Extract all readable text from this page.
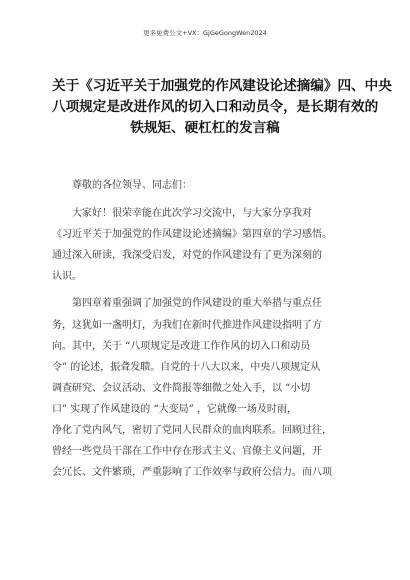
更多免费公文+VX：GjGeGongWen2024
关于《习近平关于加强党的作风建设论述摘编》四、中央
八项规定是改进作风的切入口和动员令，是长期有效的
铁规矩、硬杠杠的发言稿
尊敬的各位领导、同志们：
大家好！很荣幸能在此次学习交流中，与大家分享我对
《习近平关于加强党的作风建设论述摘编》第四章的学习感悟。
通过深入研读，我深受启发，对党的作风建设有了更为深刻的
认识。
第四章着重强调了加强党的作风建设的重大举措与重点任
务，这犹如一盏明灯，为我们在新时代推进作风建设指明了方
向。其中，关于 “八项规定是改进工作作风的切入口和动员
令” 的论述，振聋发聩。自党的十八大以来，中央八项规定从
调查研究、会议活动、文件简报等细微之处入手，以 “小切
口” 实现了作风建设的 “大变局” ，它就像一场及时雨，
净化了党内风气，密切了党同人民群众的血肉联系。回顾过往，
曾经一些党员干部在工作中存在形式主义、官僚主义问题，开
会冗长、文件繁琐，严重影响了工作效率与政府公信力。而八项
